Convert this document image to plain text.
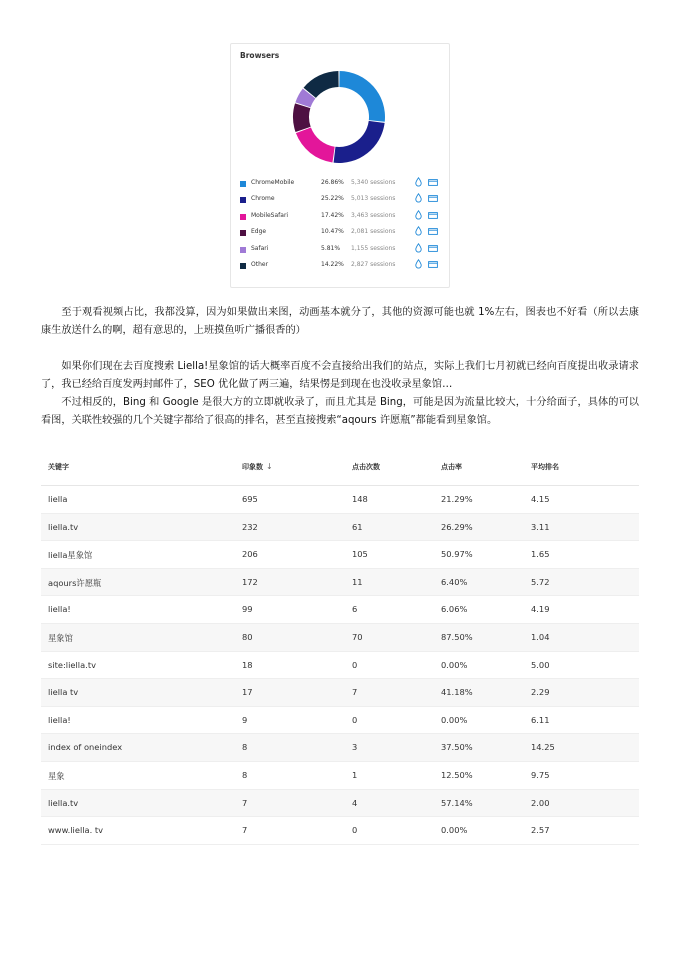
Browsers
ChromeMobile	26.86% 5,340 sessions
Chrome	25.22% 5,013 sessions
MobileSafari	17.42% 3,463 sessions
Edge	10.47% 2,081 sessions
Safari	5.81% 1,155 sessions
Other	14.22% 2,827 sessions
至于观看视频占比，我都没算，因为如果做出来图，动画基本就分了，其他的资源可能也就 1%左右，图表也不好看（所以去康康生放送什么的啊，超有意思的，上班摸鱼听广播很香的）
如果你们现在去百度搜索 Liella!星象馆的话大概率百度不会直接给出我们的站点，实际上我们七月初就已经向百度提出收录请求了，我已经给百度发两封邮件了，SEO 优化做了两三遍，结果愣是到现在也没收录星象馆…
不过相反的，Bing 和 Google 是很大方的立即就收录了，而且尤其是 Bing，可能是因为流量比较大，十分给面子，具体的可以看图，关联性较强的几个关键字都给了很高的排名，甚至直接搜索“aqours 许愿瓶”都能看到星象馆。
关键字	印象数 ↓	点击次数	点击率	平均排名
liella	695	148	21.29%	4.15
liella.tv	232	61	26.29%	3.11
liella星象馆	206	105	50.97%	1.65
aqours许愿瓶	172	11	6.40%	5.72
liella!	99	6	6.06%	4.19
星象馆	80	70	87.50%	1.04
site:liella.tv	18	0	0.00%	5.00
liella tv	17	7	41.18%	2.29
liella!	9	0	0.00%	6.11
index of oneindex	8	3	37.50%	14.25
星象	8	1	12.50%	9.75
liella.tv	7	4	57.14%	2.00
www.liella. tv	7	0	0.00%	2.57
